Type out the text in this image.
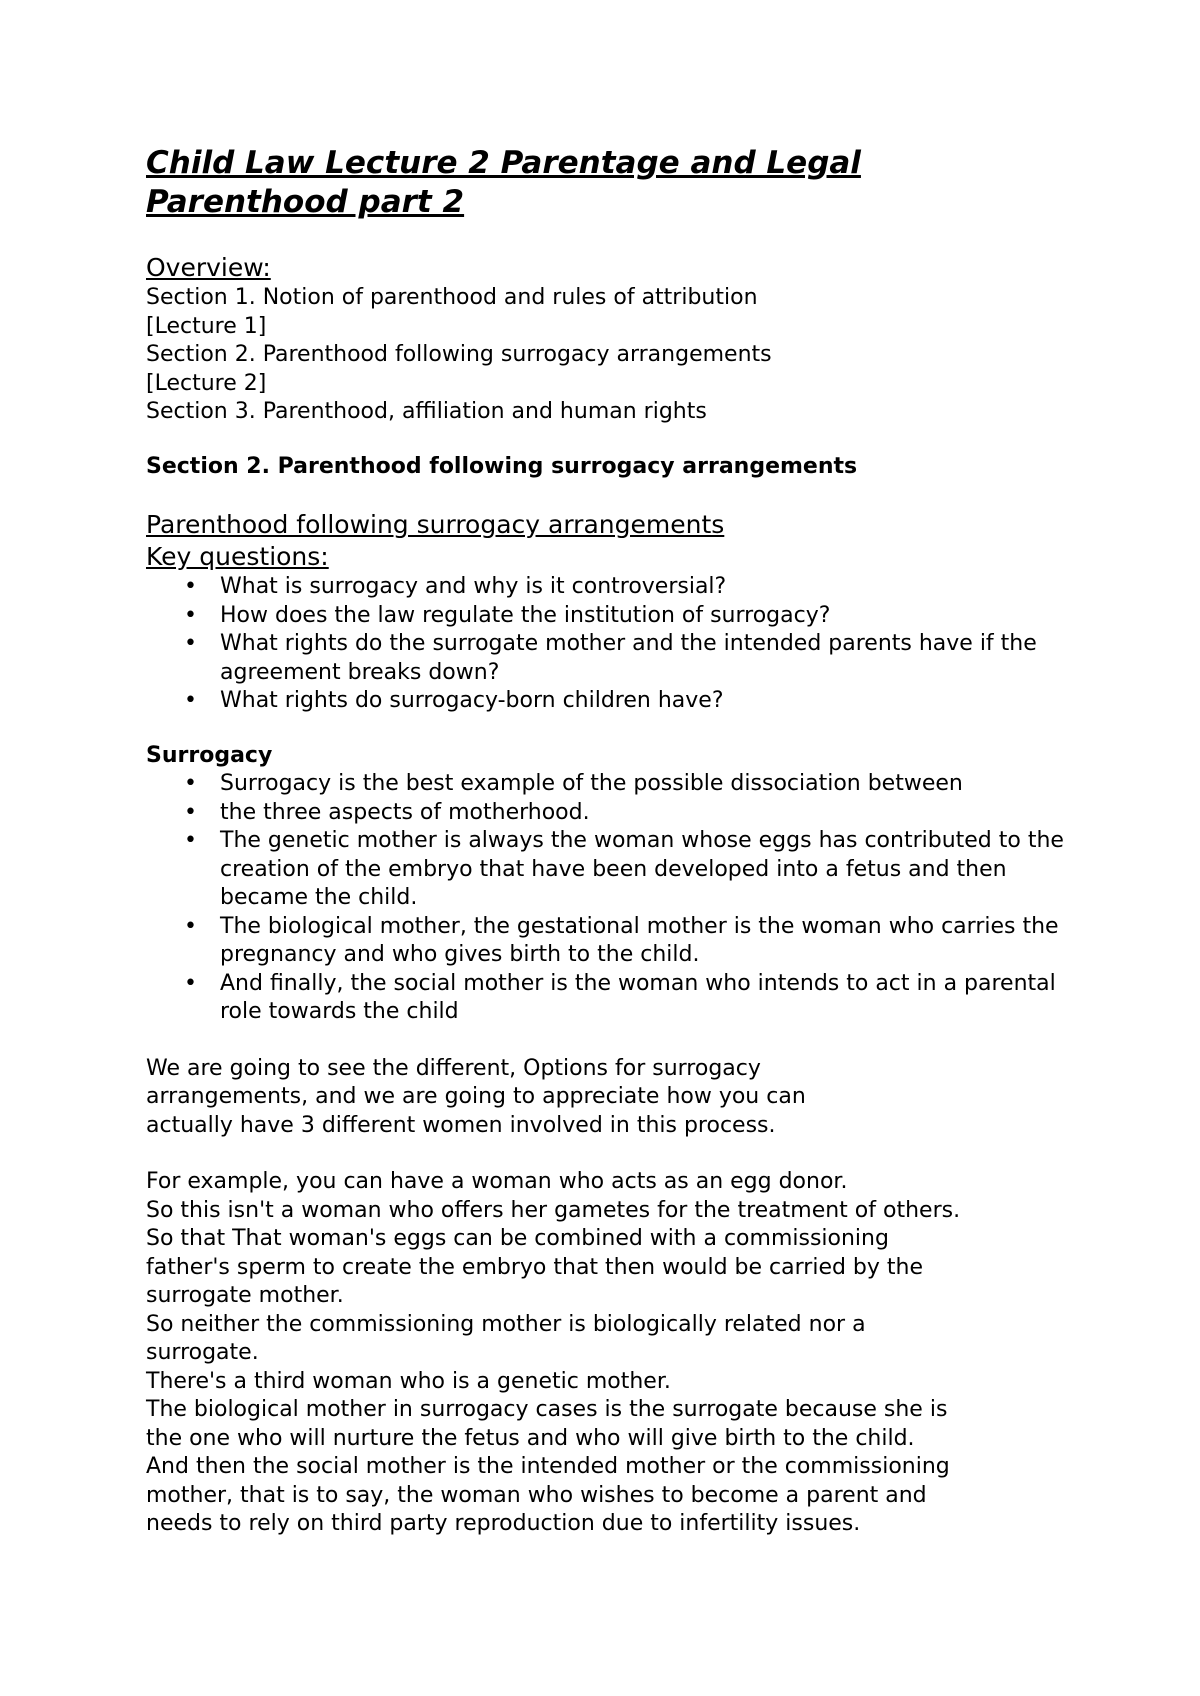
Child Law Lecture 2 Parentage and Legal
Parenthood part 2
Overview:
Section 1. Notion of parenthood and rules of attribution
[Lecture 1]
Section 2. Parenthood following surrogacy arrangements
[Lecture 2]
Section 3. Parenthood, affiliation and human rights
Section 2. Parenthood following surrogacy arrangements
Parenthood following surrogacy arrangements
Key questions:
• What is surrogacy and why is it controversial?
• How does the law regulate the institution of surrogacy?
• What rights do the surrogate mother and the intended parents have if the agreement breaks down?
• What rights do surrogacy-born children have?
Surrogacy
• Surrogacy is the best example of the possible dissociation between
• the three aspects of motherhood.
• The genetic mother is always the woman whose eggs has contributed to the creation of the embryo that have been developed into a fetus and then became the child.
• The biological mother, the gestational mother is the woman who carries the pregnancy and who gives birth to the child.
• And finally, the social mother is the woman who intends to act in a parental role towards the child
We are going to see the different, Options for surrogacy
arrangements, and we are going to appreciate how you can
actually have 3 different women involved in this process.
For example, you can have a woman who acts as an egg donor.
So this isn't a woman who offers her gametes for the treatment of others.
So that That woman's eggs can be combined with a commissioning
father's sperm to create the embryo that then would be carried by the
surrogate mother.
So neither the commissioning mother is biologically related nor a
surrogate.
There's a third woman who is a genetic mother.
The biological mother in surrogacy cases is the surrogate because she is
the one who will nurture the fetus and who will give birth to the child.
And then the social mother is the intended mother or the commissioning
mother, that is to say, the woman who wishes to become a parent and
needs to rely on third party reproduction due to infertility issues.
